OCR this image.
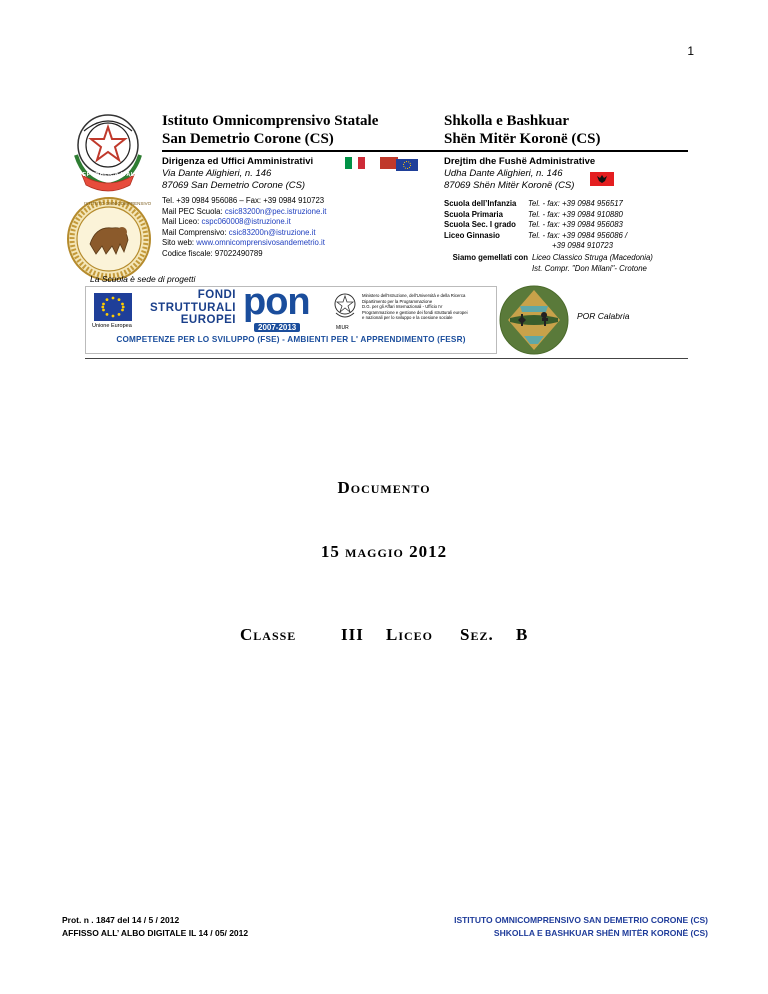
1
REPUBBLICA ITALIANA
ISTITUTO OMNICOMPRENSIVO
Istituto Omnicomprensivo Statale
San Demetrio Corone (CS)
Shkolla e Bashkuar
Shën Mitër Koronë (CS)
Dirigenza ed Uffici Amministrativi
Via Dante Alighieri, n. 146
87069 San Demetrio Corone (CS)
Drejtim dhe Fushë Administrative
Udha Dante Alighieri, n. 146
87069 Shën Mitër Koronë (CS)
Tel. +39 0984 956086 – Fax: +39 0984 910723
Mail PEC Scuola: csic83200n@pec.istruzione.it
Mail Liceo: cspc060008@istruzione.it
Mail Comprensivo: csic83200n@istruzione.it
Sito web: www.omnicomprensivosandemetrio.it
Codice fiscale: 97022490789
Scuola dell’Infanzia	Tel. - fax: +39 0984 956517
Scuola Primaria	Tel. - fax: +39 0984 910880
Scuola Sec. I grado	Tel. - fax: +39 0984 956083
Liceo Ginnasio	Tel. - fax: +39 0984 956086 /
+39 0984 910723
Siamo gemellati con Liceo Classico Struga (Macedonia)
Ist. Compr. "Don Milani"- Crotone
La Scuola è sede di progetti
Unione Europea
FONDI
STRUTTURALI
EUROPEI pon
2007-2013	MIUR
Ministero dell'Istruzione, dell'Università e della Ricerca
Dipartimento per la Programmazione
D.G. per gli Affari Internazionali - Ufficio IV
Programmazione e gestione dei fondi strutturali europei
e nazionali per lo sviluppo e la coesione sociale
COMPETENZE PER LO SVILUPPO (FSE) - AMBIENTI PER L' APPRENDIMENTO (FESR)
POR Calabria
Documento
15 maggio 2012
Classe	III Liceo Sez. B
Prot. n . 1847 del 14 / 5 / 2012
AFFISSO ALL’ ALBO DIGITALE IL 14 / 05/ 2012
ISTITUTO OMNICOMPRENSIVO SAN DEMETRIO CORONE (CS)
SHKOLLA E BASHKUAR SHËN MITËR KORONË (CS)
